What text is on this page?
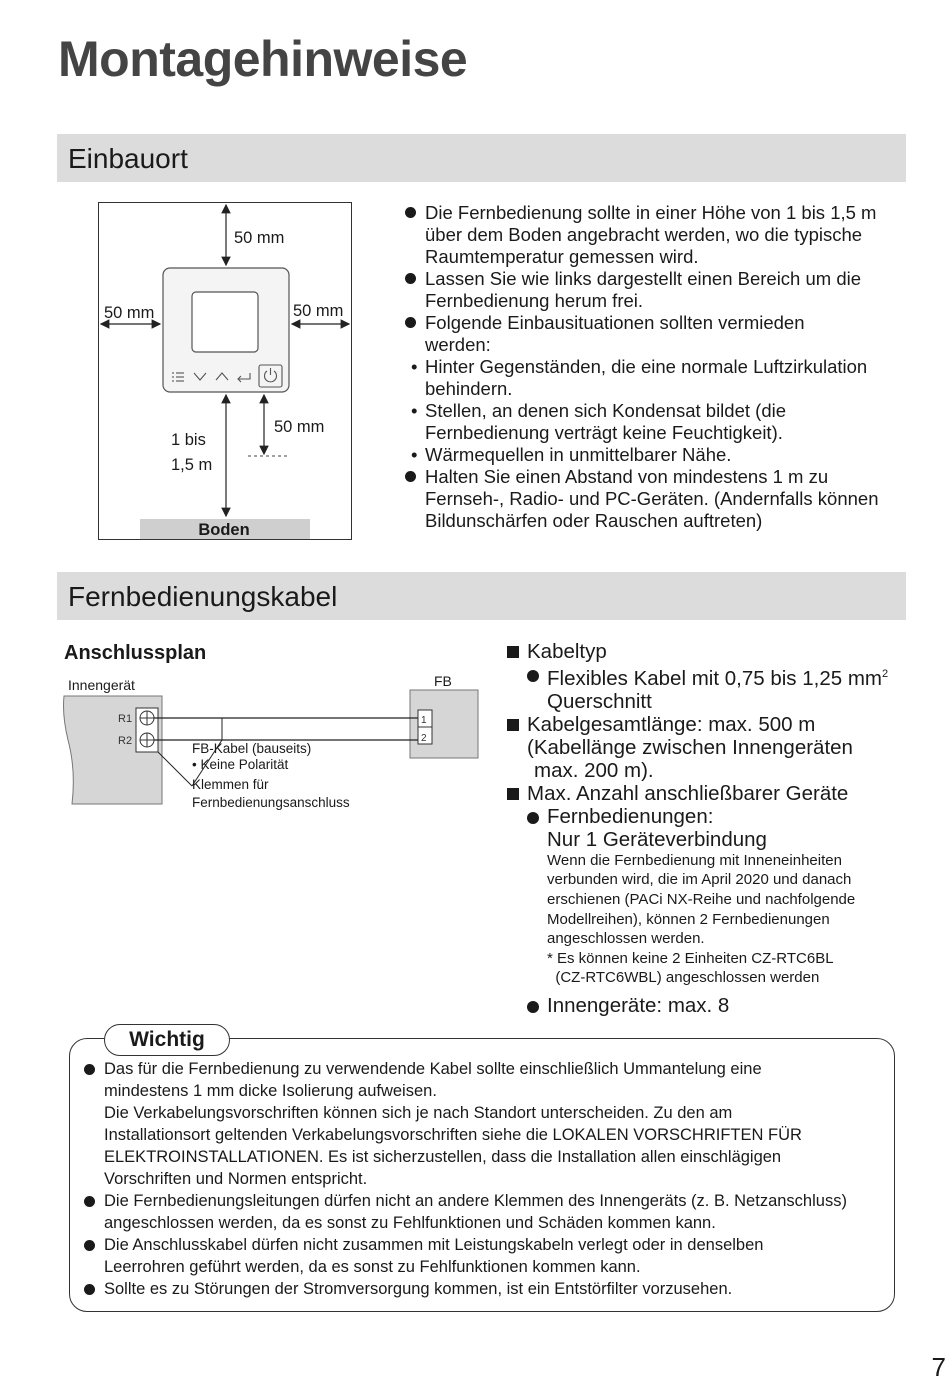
Montagehinweise
Einbauort
50 mm
50 mm	50 mm
50 mm
1 bis
1,5 m
Boden
Die Fernbedienung sollte in einer Höhe von 1 bis 1,5 m
über dem Boden angebracht werden, wo die typische
Raumtemperatur gemessen wird.
Lassen Sie wie links dargestellt einen Bereich um die
Fernbedienung herum frei.
Folgende Einbausituationen sollten vermieden
werden:
• Hinter Gegenständen, die eine normale Luftzirkulation
behindern.
• Stellen, an denen sich Kondensat bildet (die
Fernbedienung verträgt keine Feuchtigkeit).
• Wärmequellen in unmittelbarer Nähe.
Halten Sie einen Abstand von mindestens 1 m zu
Fernseh-, Radio- und PC-Geräten. (Andernfalls können
Bildunschärfen oder Rauschen auftreten)
Fernbedienungskabel
Anschlussplan
Innengerät	FB
R1
R2
1
2
FB-Kabel (bauseits)
• Keine Polarität
Klemmen für
Fernbedienungsanschluss
Kabeltyp
Flexibles Kabel mit 0,75 bis 1,25 $mm^2$
Querschnitt
Kabelgesamtlänge: max. 500 m
(Kabellänge zwischen Innengeräten
max. 200 m).
Max. Anzahl anschließbarer Geräte
Fernbedienungen:
Nur 1 Geräteverbindung
Wenn die Fernbedienung mit Inneneinheiten
verbunden wird, die im April 2020 und danach
erschienen (PACi NX-Reihe und nachfolgende
Modellreihen), können 2 Fernbedienungen
angeschlossen werden.
* Es können keine 2 Einheiten CZ-RTC6BL
(CZ-RTC6WBL) angeschlossen werden
Innengeräte: max. 8
Wichtig
Das für die Fernbedienung zu verwendende Kabel sollte einschließlich Ummantelung eine
mindestens 1 mm dicke Isolierung aufweisen.
Die Verkabelungsvorschriften können sich je nach Standort unterscheiden. Zu den am
Installationsort geltenden Verkabelungsvorschriften siehe die LOKALEN VORSCHRIFTEN FÜR
ELEKTROINSTALLATIONEN. Es ist sicherzustellen, dass die Installation allen einschlägigen
Vorschriften und Normen entspricht.
Die Fernbedienungsleitungen dürfen nicht an andere Klemmen des Innengeräts (z. B. Netzanschluss)
angeschlossen werden, da es sonst zu Fehlfunktionen und Schäden kommen kann.
Die Anschlusskabel dürfen nicht zusammen mit Leistungskabeln verlegt oder in denselben
Leerrohren geführt werden, da es sonst zu Fehlfunktionen kommen kann.
Sollte es zu Störungen der Stromversorgung kommen, ist ein Entstörfilter vorzusehen.
7
